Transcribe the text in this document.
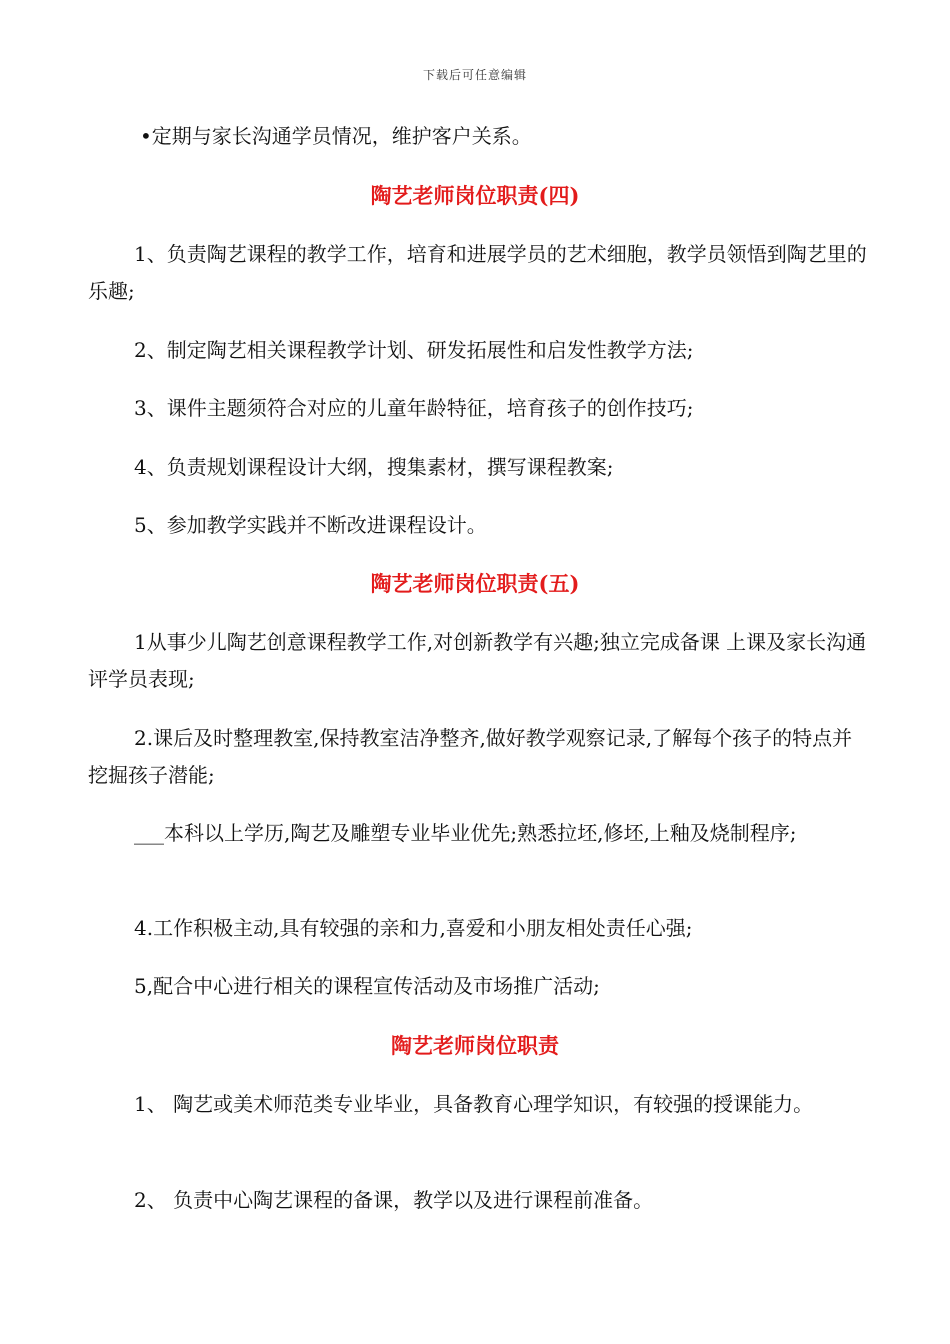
下载后可任意编辑
•定期与家长沟通学员情况，维护客户关系。
陶艺老师岗位职责(四)
1、负责陶艺课程的教学工作，培育和进展学员的艺术细胞，教学员领悟到陶艺里的乐趣;
2、制定陶艺相关课程教学计划、研发拓展性和启发性教学方法;
3、课件主题须符合对应的儿童年龄特征，培育孩子的创作技巧;
4、负责规划课程设计大纲，搜集素材，撰写课程教案;
5、参加教学实践并不断改进课程设计。
陶艺老师岗位职责(五)
1从事少儿陶艺创意课程教学工作,对创新教学有兴趣;独立完成备课 上课及家长沟通评学员表现;
2.课后及时整理教室,保持教室洁净整齐,做好教学观察记录,了解每个孩子的特点并挖掘孩子潜能;
___本科以上学历,陶艺及雕塑专业毕业优先;熟悉拉坯,修坯,上釉及烧制程序;
4.工作积极主动,具有较强的亲和力,喜爱和小朋友相处责任心强;
5,配合中心进行相关的课程宣传活动及市场推广活动;
陶艺老师岗位职责
1、 陶艺或美术师范类专业毕业，具备教育心理学知识，有较强的授课能力。
2、 负责中心陶艺课程的备课，教学以及进行课程前准备。
